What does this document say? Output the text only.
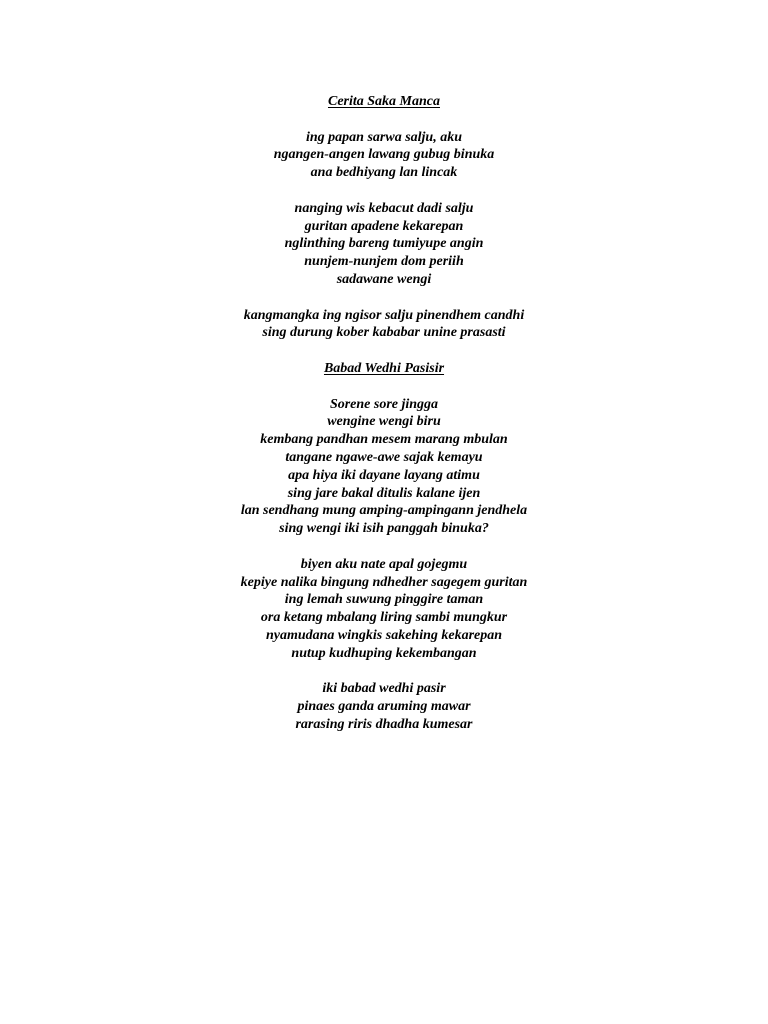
Cerita Saka Manca

ing papan sarwa salju, aku
ngangen-angen lawang gubug binuka
ana bedhiyang lan lincak
nanging wis kebacut dadi salju
guritan apadene kekarepan
nglinthing bareng tumiyupe angin
nunjem-nunjem dom periih
sadawane wengi
kangmangka ing ngisor salju pinendhem candhi
sing durung kober kababar unine prasasti

Babad Wedhi Pasisir

Sorene sore jingga
wengine wengi biru
kembang pandhan mesem marang mbulan
tangane ngawe-awe sajak kemayu
apa hiya iki dayane layang atimu
sing jare bakal ditulis kalane ijen
lan sendhang mung amping-ampingann jendhela
sing wengi iki isih panggah binuka?
biyen aku nate apal gojegmu
kepiye nalika bingung ndhedher sagegem guritan
ing lemah suwung pinggire taman
ora ketang mbalang liring sambi mungkur
nyamudana wingkis sakehing kekarepan
nutup kudhuping kekembangan
iki babad wedhi pasir
pinaes ganda aruming mawar
rarasing riris dhadha kumesar
